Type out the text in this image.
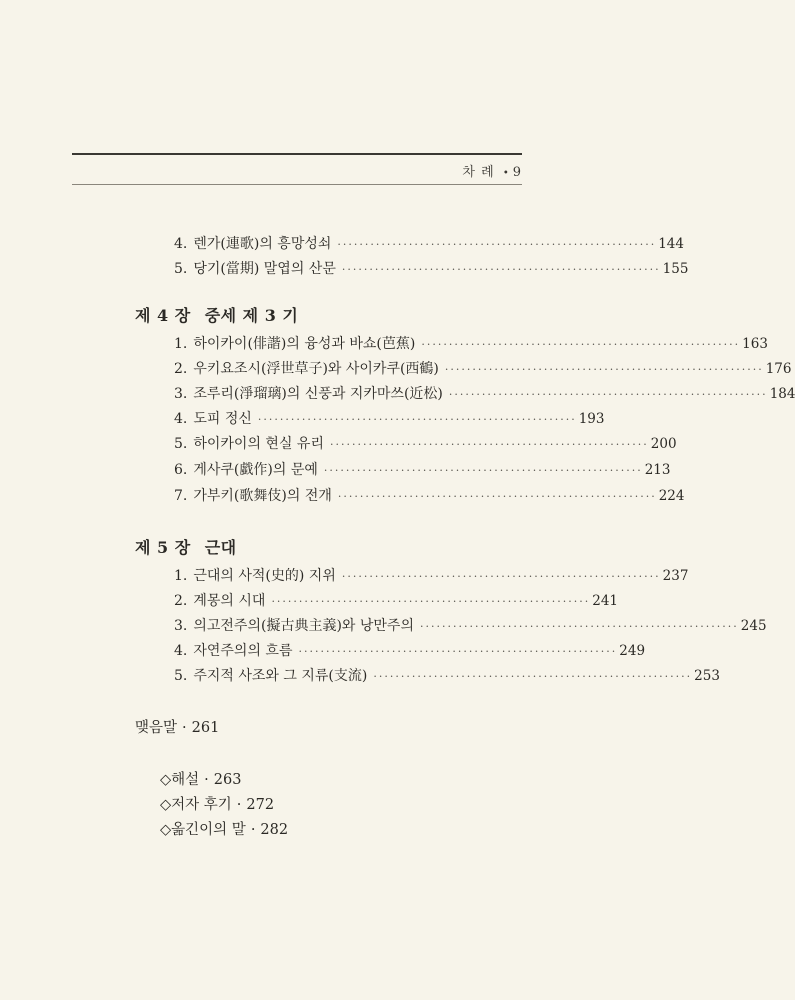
차 례 • 9
4. 렌가(連歌)의 흥망성쇠 ·························································· 144
5. 당기(當期) 말엽의 산문 ·························································· 155
제 4 장 중세 제 3 기
1. 하이카이(俳諧)의 융성과 바쇼(芭蕉) ·························································· 163
2. 우키요조시(浮世草子)와 사이카쿠(西鶴) ·························································· 176
3. 조루리(淨瑠璃)의 신풍과 지카마쓰(近松) ·························································· 184
4. 도피 정신 ·························································· 193
5. 하이카이의 현실 유리 ·························································· 200
6. 게사쿠(戱作)의 문예 ·························································· 213
7. 가부키(歌舞伎)의 전개 ·························································· 224
제 5 장 근대
1. 근대의 사적(史的) 지위 ·························································· 237
2. 계몽의 시대 ·························································· 241
3. 의고전주의(擬古典主義)와 낭만주의 ·························································· 245
4. 자연주의의 흐름 ·························································· 249
5. 주지적 사조와 그 지류(支流) ·························································· 253
맺음말 · 261
◇해설 · 263
◇저자 후기 · 272
◇옮긴이의 말 · 282
